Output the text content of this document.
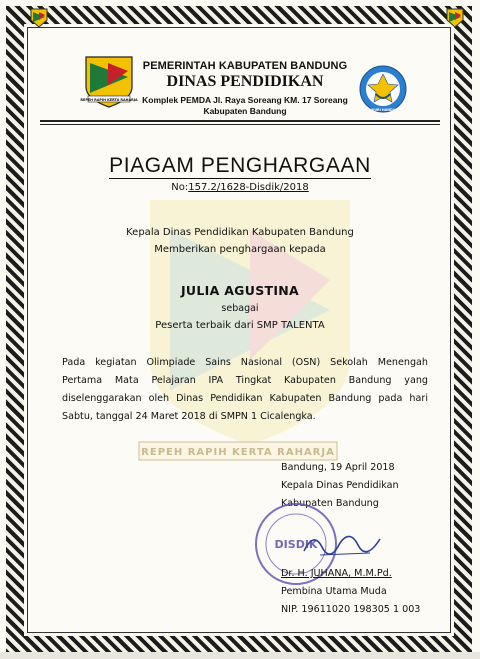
REPEH RAPIH KERTA RAHARJA
PEMERINTAH KABUPATEN BANDUNG
DINAS PENDIDIKAN
Komplek PEMDA Jl. Raya Soreang KM. 17 Soreang
Kabupaten Bandung	TUT WURI HANDAYANI
PIAGAM PENGHARGAAN
No:157.2/1628-Disdik/2018
Kepala Dinas Pendidikan Kabupaten Bandung
Memberikan penghargaan kepada
JULIA AGUSTINA
sebagai
Peserta terbaik dari SMP TALENTA
Pada kegiatan Olimpiade Sains Nasional (OSN) Sekolah Menengah
Pertama Mata Pelajaran IPA Tingkat Kabupaten Bandung yang
diselenggarakan oleh Dinas Pendidikan Kabupaten Bandung pada hari
Sabtu, tanggal 24 Maret 2018 di SMPN 1 Cicalengka.
REPEH RAPIH KERTA RAHARJA
Bandung, 19 April 2018
Kepala Dinas Pendidikan
Kabupaten Bandung
DISDIK
Dr. H. JUHANA, M.M.Pd.
Pembina Utama Muda
NIP. 19611020 198305 1 003
